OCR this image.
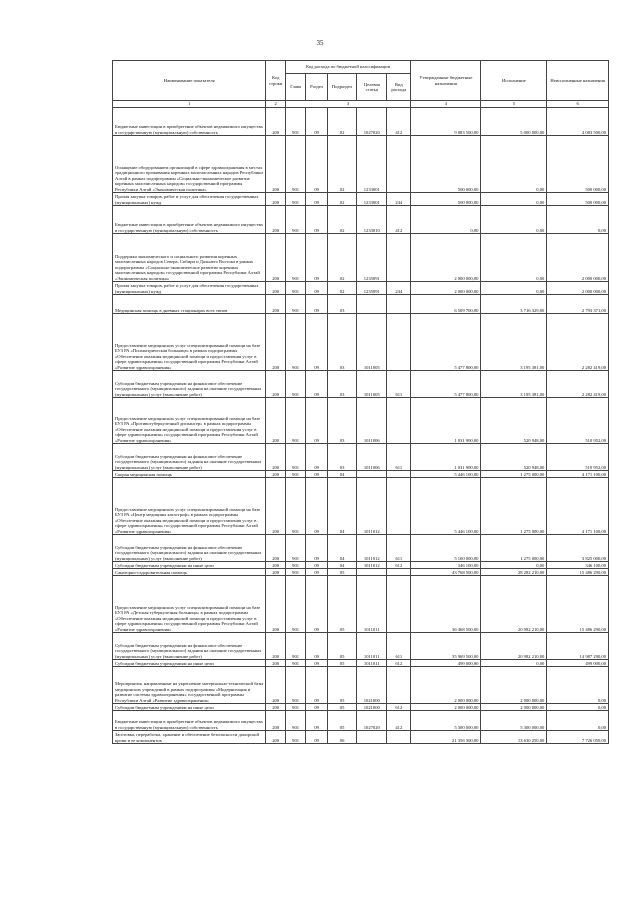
35
Наименование показателя	Код строки	Код расхода по бюджетной классификации					Утвержденные бюджетные назначения	Исполнение	Неисполненные назначения
		Глава	Раздел	Подраздел	Целевая статья	Вид расхода			
1	2	3					4	5	6
Бюджетные инвестиции в приобретение объектов недвижимого имущества в государственную (муниципальную) собственность	200	901	09	02	1027020	412	9 083 500,00	5 000 000,00	4 083 500,00
Оснащение оборудованием организаций в сфере здравоохранения в местах традиционного проживания коренных малочисленных народов Республики Алтай в рамках подпрограммы «Социально-экономическое развитие коренных малочисленных народов» государственной программы Республики Алтай «Экономическая политика»	200	901	09	02	1233001		500 000,00	0,00	500 000,00
Прочая закупка товаров, работ и услуг для обеспечения государственных (муниципальных) нужд	200	901	09	02	1233001	244	500 000,00	0,00	500 000,00
Бюджетные инвестиции в приобретение объектов недвижимого имущества в государственную (муниципальную) собственность	200	901	09	02	1233010	412	0,00	0,00	0,00
Поддержка экономического и социального развития коренных малочисленных народов Севера, Сибири и Дальнего Востока в рамках подпрограммы «Социально-экономическое развитие коренных малочисленных народов» государственной программы Республики Алтай «Экономическая политика»	200	901	09	02	1235091		2 000 000,00	0,00	2 000 000,00
Прочая закупка товаров, работ и услуг для обеспечения государственных (муниципальных) нужд	200	901	09	02	1235091	244	2 000 000,00	0,00	2 000 000,00
Медицинская помощь в дневных стационарах всех типов	200	901	09	03			6 509 700,00	3 716 329,00	2 793 371,00
Предоставление медицинских услуг специализированной помощи на базе БУЗ РА «Психиатрическая больница» в рамках подпрограммы «Обеспечение оказания медицинской помощи и предоставления услуг в сфере здравоохранения» государственной программы Республики Алтай «Развитие здравоохранения»	200	901	09	03	1011005		5 477 800,00	3 195 381,00	2 282 419,00
Субсидии бюджетным учреждениям на финансовое обеспечение государственного (муниципального) задания на оказание государственных (муниципальных) услуг (выполнение работ)	200	901	09	03	1011005	611	5 477 800,00	3 195 381,00	2 282 419,00
Предоставление медицинских услуг специализированной помощи на базе БУЗ РА «Противотуберкулезный диспансер» в рамках подпрограммы «Обеспечение оказания медицинской помощи и предоставления услуг в сфере здравоохранения» государственной программы Республики Алтай «Развитие здравоохранения»	200	901	09	03	1011006		1 031 900,00	520 948,00	510 952,00
Субсидии бюджетным учреждениям на финансовое обеспечение государственного (муниципального) задания на оказание государственных (муниципальных) услуг (выполнение работ)	200	901	09	03	1011006	611	1 031 900,00	520 948,00	510 952,00
Скорая медицинская помощь	200	901	09	04			5 446 100,00	1 275 000,00	4 171 100,00
Предоставление медицинских услуг специализированной помощи на базе БУЗ РА «Центр медицины катастроф» в рамках подпрограммы «Обеспечение оказания медицинской помощи и предоставления услуг в сфере здравоохранения» государственной программы Республики Алтай «Развитие здравоохранения»	200	901	09	04	1011012		5 446 100,00	1 275 000,00	4 171 100,00
Субсидии бюджетным учреждениям на финансовое обеспечение государственного (муниципального) задания на оказание государственных (муниципальных) услуг (выполнение работ)	200	901	09	04	1011012	611	5 100 000,00	1 275 000,00	3 825 000,00
Субсидии бюджетным учреждениям на иные цели	200	901	09	04	1011012	612	346 100,00	0,00	346 100,00
Санаторно-оздоровительная помощь	200	901	09	05			43 768 500,00	28 282 210,00	15 486 290,00
Предоставление медицинских услуг специализированной помощи на базе БУЗ РА «Детская туберкулезная больница» в рамках подпрограммы «Обеспечение оказания медицинской помощи и предоставления услуг в сфере здравоохранения» государственной программы Республики Алтай «Развитие здравоохранения»	200	901	09	05	1011011		36 468 500,00	20 982 210,00	15 486 290,00
Субсидии бюджетным учреждениям на финансовое обеспечение государственного (муниципального) задания на оказание государственных (муниципальных) услуг (выполнение работ)	200	901	09	05	1011011	611	35 969 500,00	20 982 210,00	14 987 290,00
Субсидии бюджетным учреждениям на иные цели	200	901	09	05	1011011	612	499 000,00	0,00	499 000,00
Мероприятия, направленные на укрепление материально-технической базы медицинских учреждений в рамках подпрограммы «Модернизация и развитие системы здравоохранения» государственной программы Республики Алтай «Развитие здравоохранения»	200	901	09	05	1021000		2 000 000,00	2 000 000,00	0,00
Субсидии бюджетным учреждениям на иные цели	200	901	09	05	1021000	612	2 000 000,00	2 000 000,00	0,00
Бюджетные инвестиции в приобретение объектов недвижимого имущества в государственную (муниципальную) собственность	200	901	09	05	1027020	412	5 300 000,00	5 300 000,00	0,00
Заготовка, переработка, хранение и обеспечение безопасности донорской крови и ее компонентов	200	901	09	06			21 356 300,00	13 630 250,00	7 726 050,00
